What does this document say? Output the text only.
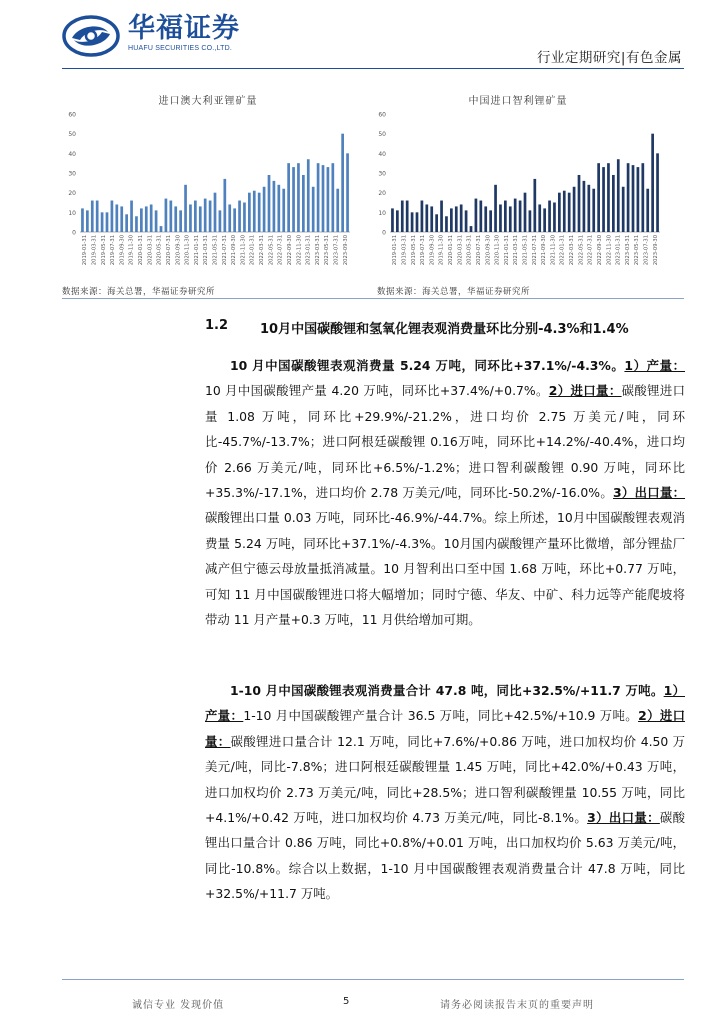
华福证券
HUAFU SECURITIES CO.,LTD.
行业定期研究|有色金属
进口澳大利亚锂矿量
0
10
20
30
40
50
60
2019-01-31 2019-03-31 2019-05-31 2019-07-31 2019-09-30 2019-11-30 2020-01-31 2020-03-31 2020-05-31 2020-07-31 2020-09-30 2020-11-30 2021-01-31 2021-03-31 2021-05-31 2021-07-31 2021-09-30 2021-11-30 2022-01-31 2022-03-31 2022-05-31 2022-07-31 2022-09-30 2022-11-30 2023-01-31 2023-03-31 2023-05-31 2023-07-31 2023-09-30
中国进口智利锂矿量
0
10
20
30
40
50
60
2019-01-31 2019-03-31 2019-05-31 2019-07-31 2019-09-30 2019-11-30 2020-01-31 2020-03-31 2020-05-31 2020-07-31 2020-09-30 2020-11-30 2021-01-31 2021-03-31 2021-05-31 2021-07-31 2021-09-30 2021-11-30 2022-01-31 2022-03-31 2022-05-31 2022-07-31 2022-09-30 2022-11-30 2023-01-31 2023-03-31 2023-05-31 2023-07-31 2023-09-30
数据来源：海关总署，华福证券研究所	数据来源：海关总署，华福证券研究所
1.2 10月中国碳酸锂和氢氧化锂表观消费量环比分别-4.3%和1.4%
10 月中国碳酸锂表观消费量 5.24 万吨，同环比+37.1%/-4.3%。1）产量：10 月中国碳酸锂产量 4.20 万吨，同环比+37.4%/+0.7%。2）进口量：碳酸锂进口量 1.08 万吨，同环比+29.9%/-21.2%，进口均价 2.75 万美元/吨，同环比-45.7%/-13.7%；进口阿根廷碳酸锂 0.16万吨，同环比+14.2%/-40.4%，进口均价 2.66 万美元/吨，同环比+6.5%/-1.2%；进口智利碳酸锂 0.90 万吨，同环比+35.3%/-17.1%，进口均价 2.78 万美元/吨，同环比-50.2%/-16.0%。3）出口量：碳酸锂出口量 0.03 万吨，同环比-46.9%/-44.7%。综上所述，10月中国碳酸锂表观消费量 5.24 万吨，同环比+37.1%/-4.3%。10月国内碳酸锂产量环比微增，部分锂盐厂减产但宁德云母放量抵消减量。10 月智利出口至中国 1.68 万吨，环比+0.77 万吨，可知 11 月中国碳酸锂进口将大幅增加；同时宁德、华友、中矿、科力远等产能爬坡将带动 11 月产量+0.3 万吨，11 月供给增加可期。
1-10 月中国碳酸锂表观消费量合计 47.8 吨，同比+32.5%/+11.7 万吨。1）产量：1-10 月中国碳酸锂产量合计 36.5 万吨，同比+42.5%/+10.9 万吨。2）进口量：碳酸锂进口量合计 12.1 万吨，同比+7.6%/+0.86 万吨，进口加权均价 4.50 万美元/吨，同比-7.8%；进口阿根廷碳酸锂量 1.45 万吨，同比+42.0%/+0.43 万吨，进口加权均价 2.73 万美元/吨，同比+28.5%；进口智利碳酸锂量 10.55 万吨，同比+4.1%/+0.42 万吨，进口加权均价 4.73 万美元/吨，同比-8.1%。3）出口量：碳酸锂出口量合计 0.86 万吨，同比+0.8%/+0.01 万吨，出口加权均价 5.63 万美元/吨，同比-10.8%。综合以上数据，1-10 月中国碳酸锂表观消费量合计 47.8 万吨，同比+32.5%/+11.7 万吨。
诚信专业 发现价值	5	请务必阅读报告末页的重要声明
